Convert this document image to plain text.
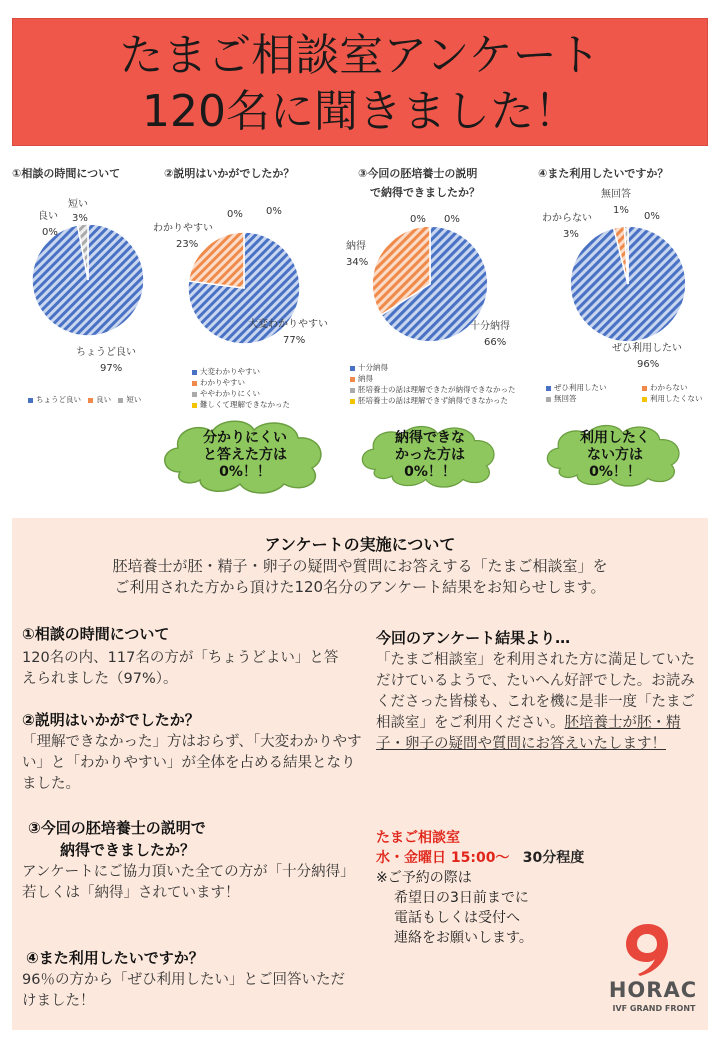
たまご相談室アンケート
120名に聞きました！
①相談の時間について
短い
3%
良い
0%
ちょうど良い
97%
ちょうど良い 良い 短い
②説明はいかがでしたか？
わかりやすい
23%
0% 0%
大変わかりやすい
77%
大変わかりやすい
わかりやすい
ややわかりにくい
難しくて理解できなかった
③今回の胚培養士の説明
で納得できましたか？
納得
34%
0% 0%
十分納得
66%
十分納得
納得
胚培養士の話は理解できたが納得できなかった
胚培養士の話は理解できず納得できなかった
④また利用したいですか？
無回答
1%
わからない
3%
0%
ぜひ利用したい
96%
ぜひ利用したい	わからない
無回答	利用したくない
分かりにくい
と答えた方は
0%！！
納得できな
かった方は
0%！！
利用したく
ない方は
0%！！
アンケートの実施について
胚培養士が胚・精子・卵子の疑問や質問にお答えする「たまご相談室」を
ご利用された方から頂けた120名分のアンケート結果をお知らせします。
①相談の時間について
120名の内、117名の方が「ちょうどよい」と答えられました（97%）。
②説明はいかがでしたか？
「理解できなかった」方はおらず、「大変わかりやすい」と「わかりやすい」が全体を占める結果となりました。
③今回の胚培養士の説明で
納得できましたか？
アンケートにご協力頂いた全ての方が「十分納得」若しくは「納得」されています！
④また利用したいですか？
96％の方から「ぜひ利用したい」とご回答いただけました！
今回のアンケート結果より…
「たまご相談室」を利用された方に満足していただけているようで、たいへん好評でした。お読みくださった皆様も、これを機に是非一度「たまご相談室」をご利用ください。胚培養士が胚・精子・卵子の疑問や質問にお答えいたします！
たまご相談室
水・金曜日 15:00～ 30分程度
※ご予約の際は
希望日の3日前までに
電話もしくは受付へ
連絡をお願いします。
HORAC
IVF GRAND FRONT
